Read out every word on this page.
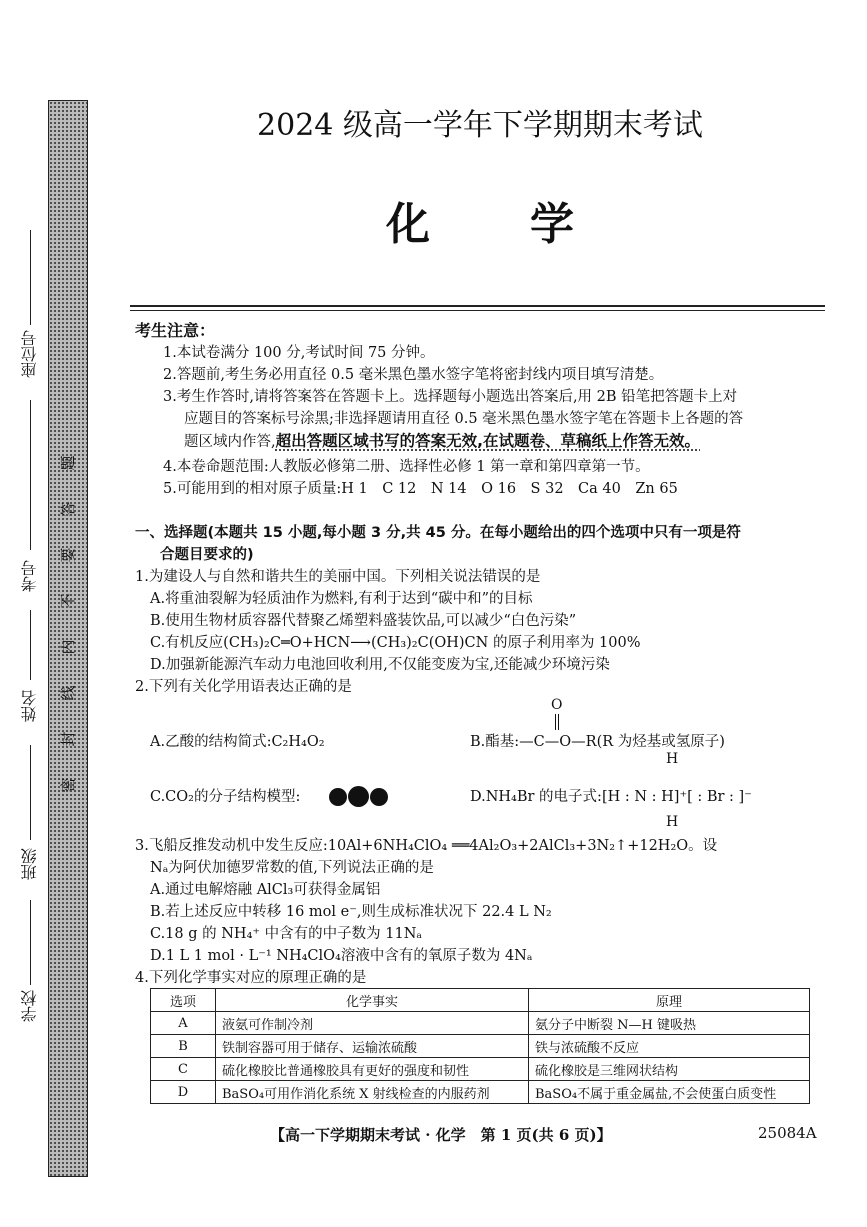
密
封
线
内
不
要
答
题
座位号
考号
姓名
班级
学校
2024 级高一学年下学期期末考试
化学
考生注意：
1.本试卷满分 100 分,考试时间 75 分钟。
2.答题前,考生务必用直径 0.5 毫米黑色墨水签字笔将密封线内项目填写清楚。
3.考生作答时,请将答案答在答题卡上。选择题每小题选出答案后,用 2B 铅笔把答题卡上对
应题目的答案标号涂黑;非选择题请用直径 0.5 毫米黑色墨水签字笔在答题卡上各题的答
题区域内作答,超出答题区域书写的答案无效,在试题卷、草稿纸上作答无效。
4.本卷命题范围:人教版必修第二册、选择性必修 1 第一章和第四章第一节。
5.可能用到的相对原子质量:H 1　C 12　N 14　O 16　S 32　Ca 40　Zn 65
一、选择题(本题共 15 小题,每小题 3 分,共 45 分。在每小题给出的四个选项中只有一项是符
合题目要求的)
1.为建设人与自然和谐共生的美丽中国。下列相关说法错误的是
A.将重油裂解为轻质油作为燃料,有利于达到“碳中和”的目标
B.使用生物材质容器代替聚乙烯塑料盛装饮品,可以减少“白色污染”
C.有机反应(CH₃)₂C═O+HCN⟶(CH₃)₂C(OH)CN 的原子利用率为 100%
D.加强新能源汽车动力电池回收利用,不仅能变废为宝,还能减少环境污染
2.下列有关化学用语表达正确的是
A.乙酸的结构简式:C₂H₄O₂	B.酯基:—C—O—R(R 为烃基或氢原子)
O
C.CO₂的分子结构模型:	D.NH₄Br 的电子式:[H : N : H]⁺[ : Br : ]⁻
H
H
3.飞船反推发动机中发生反应:10Al+6NH₄ClO₄ ══4Al₂O₃+2AlCl₃+3N₂↑+12H₂O。设
Nₐ为阿伏加德罗常数的值,下列说法正确的是
A.通过电解熔融 AlCl₃可获得金属铝
B.若上述反应中转移 16 mol e⁻,则生成标准状况下 22.4 L N₂
C.18 g 的 NH₄⁺ 中含有的中子数为 11Nₐ
D.1 L 1 mol · L⁻¹ NH₄ClO₄溶液中含有的氧原子数为 4Nₐ
4.下列化学事实对应的原理正确的是
选项	化学事实	原理
A	液氨可作制冷剂	氨分子中断裂 N—H 键吸热
B	铁制容器可用于储存、运输浓硫酸	铁与浓硫酸不反应
C	硫化橡胶比普通橡胶具有更好的强度和韧性	硫化橡胶是三维网状结构
D	BaSO₄可用作消化系统 X 射线检查的内服药剂	BaSO₄不属于重金属盐,不会使蛋白质变性
【高一下学期期末考试 · 化学　第 1 页(共 6 页)】	25084A
